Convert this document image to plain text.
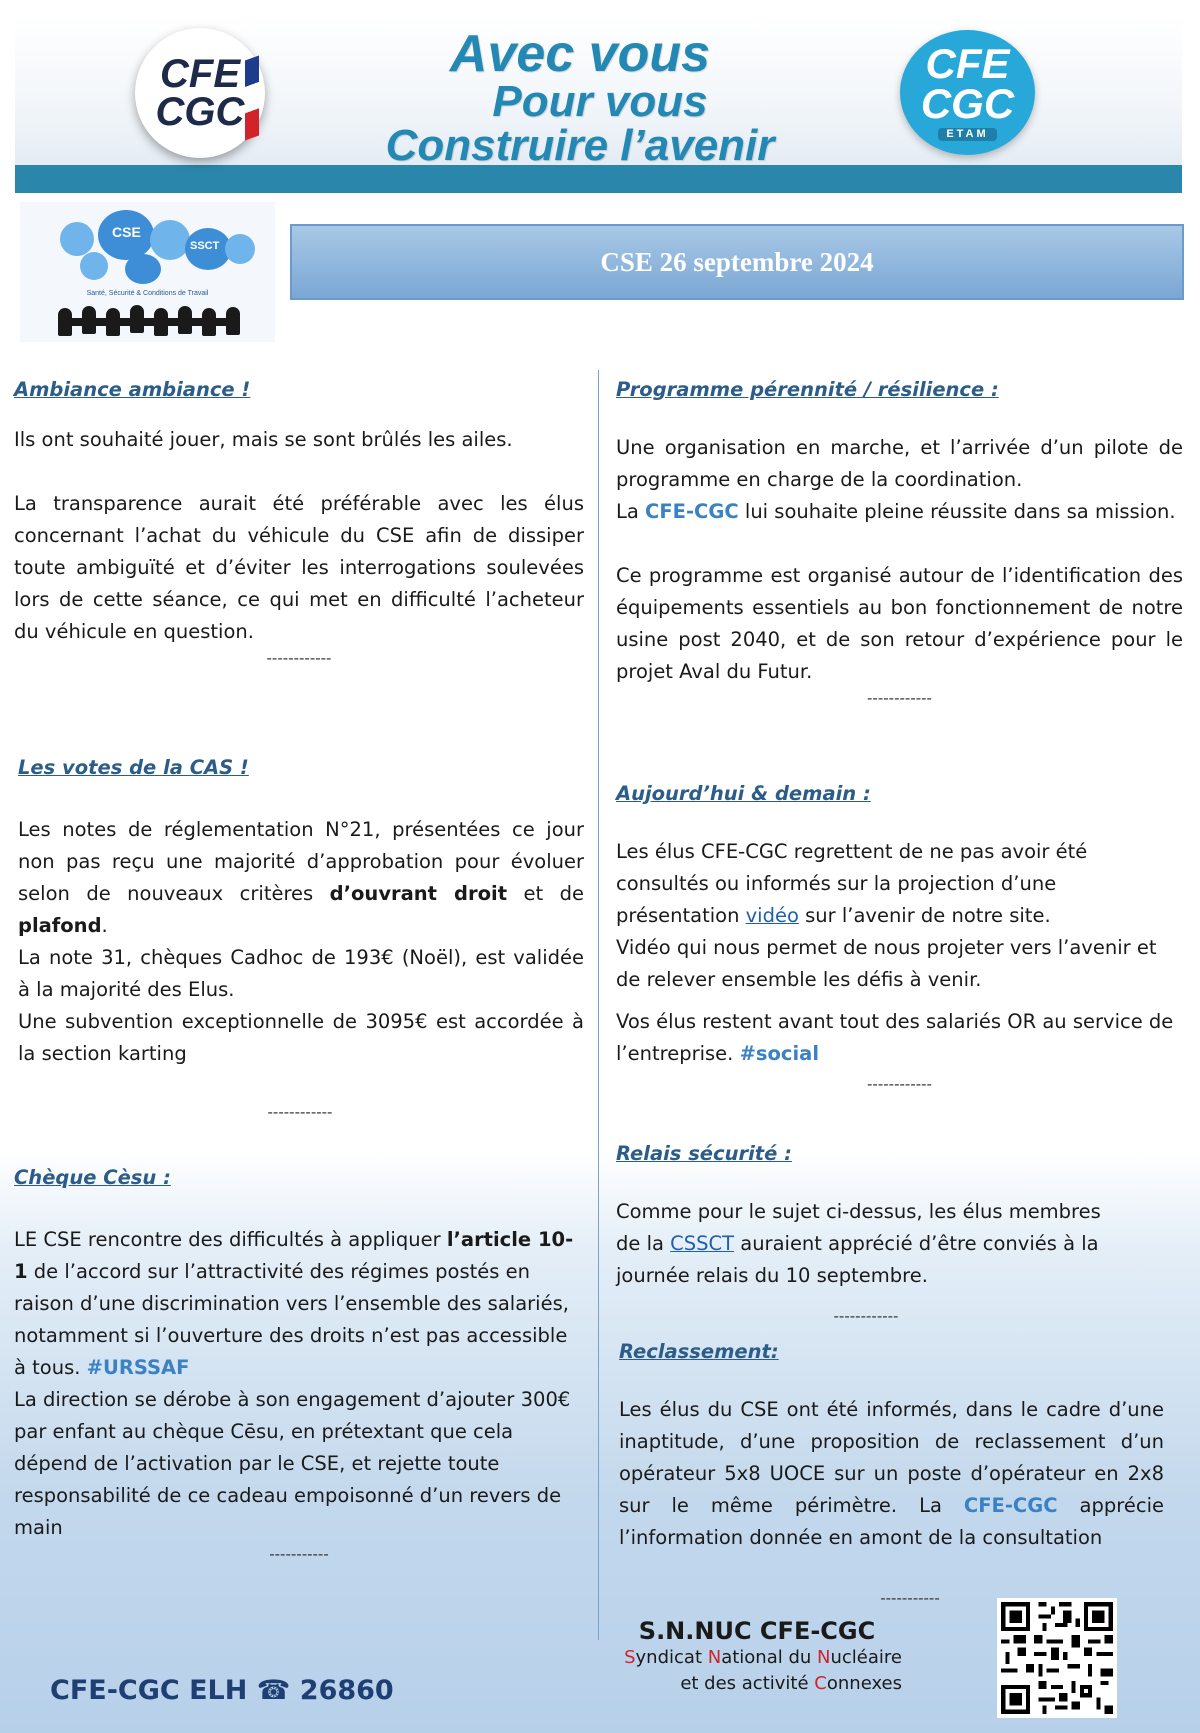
CFE
CGC
Avec vous
Pour vous
Construire l’avenir
CFE
CGC
ETAM
CSE
SSCT
Santé, Sécurité & Conditions de Travail
CSE 26 septembre 2024

Ambiance ambiance !

Ils ont souhaité jouer, mais se sont brûlés les ailes.

La transparence aurait été préférable avec les élus concernant l’achat du véhicule du CSE afin de dissiper toute ambiguïté et d’éviter les interrogations soulevées lors de cette séance, ce qui met en difficulté l’acheteur du véhicule en question.

------------

Les votes de la CAS !

Les notes de réglementation N°21, présentées ce jour non pas reçu une majorité d’approbation pour évoluer selon de nouveaux critères d’ouvrant droit et de plafond.

La note 31, chèques Cadhoc de 193€ (Noël), est validée à la majorité des Elus.

Une subvention exceptionnelle de 3095€ est accordée à la section karting

------------

Chèque Cèsu :

LE CSE rencontre des difficultés à appliquer l’article 10-1 de l’accord sur l’attractivité des régimes postés en raison d’une discrimination vers l’ensemble des salariés, notamment si l’ouverture des droits n’est pas accessible à tous. #URSSAF

La direction se dérobe à son engagement d’ajouter 300€ par enfant au chèque Cēsu, en prétextant que cela dépend de l’activation par le CSE, et rejette toute responsabilité de ce cadeau empoisonné d’un revers de main

-----------

Programme pérennité / résilience :

Une organisation en marche, et l’arrivée d’un pilote de programme en charge de la coordination.

La CFE-CGC lui souhaite pleine réussite dans sa mission.

Ce programme est organisé autour de l’identification des équipements essentiels au bon fonctionnement de notre usine post 2040, et de son retour d’expérience pour le projet Aval du Futur.

------------

Aujourd’hui & demain :

Les élus CFE-CGC regrettent de ne pas avoir été consultés ou informés sur la projection d’une présentation vidéo sur l’avenir de notre site.

Vidéo qui nous permet de nous projeter vers l’avenir et de relever ensemble les défis à venir.

Vos élus restent avant tout des salariés OR au service de l’entreprise. #social

------------

Relais sécurité :

Comme pour le sujet ci-dessus, les élus membres de la CSSCT auraient apprécié d’être conviés à la journée relais du 10 septembre.

------------

Reclassement:

Les élus du CSE ont été informés, dans le cadre d’une inaptitude, d’une proposition de reclassement d’un opérateur 5x8 UOCE sur un poste d’opérateur en 2x8 sur le même périmètre. La CFE-CGC apprécie l’information donnée en amont de la consultation

-----------

CFE-CGC ELH ☎ 26860
S.N.NUC CFE-CGC
Syndicat National du Nucléaire
et des activité Connexes
